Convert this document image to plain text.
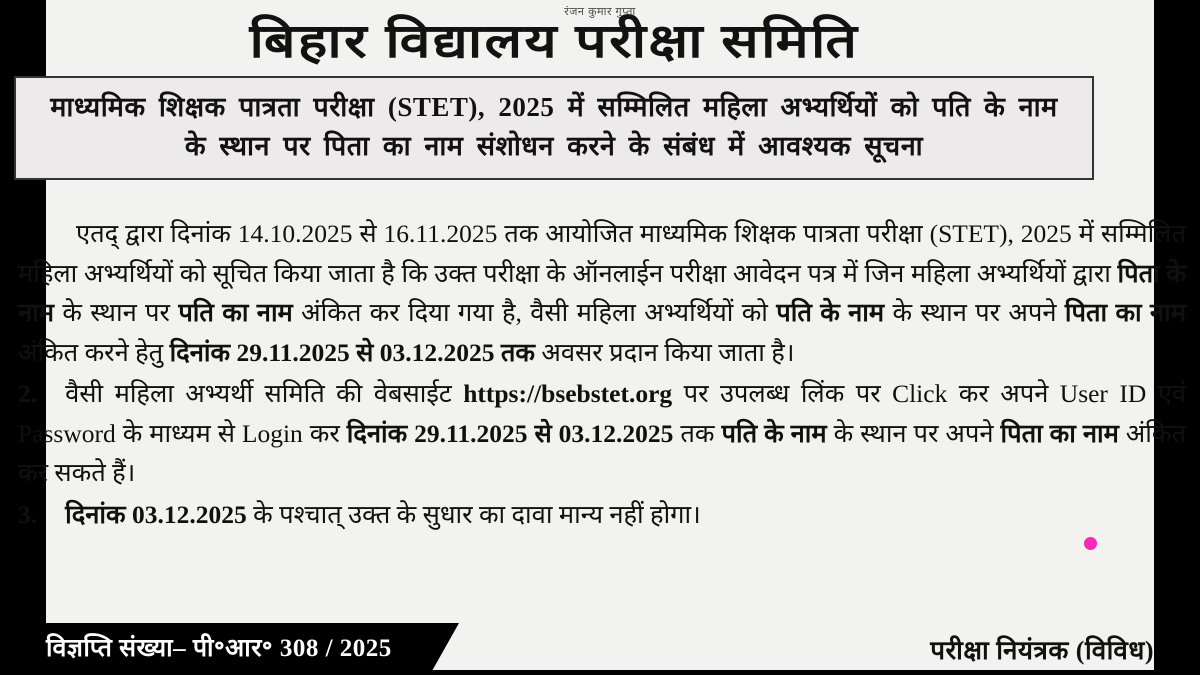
रंजन कुमार गुप्ता
बिहार विद्यालय परीक्षा समिति
माध्यमिक शिक्षक पात्रता परीक्षा (STET), 2025 में सम्मिलित महिला अभ्यर्थियों को पति के नाम के स्थान पर पिता का नाम संशोधन करने के संबंध में आवश्यक सूचना

एतद् द्वारा दिनांक 14.10.2025 से 16.11.2025 तक आयोजित माध्यमिक शिक्षक पात्रता परीक्षा (STET), 2025 में सम्मिलित महिला अभ्यर्थियों को सूचित किया जाता है कि उक्त परीक्षा के ऑनलाईन परीक्षा आवेदन पत्र में जिन महिला अभ्यर्थियों द्वारा पिता के नाम के स्थान पर पति का नाम अंकित कर दिया गया है, वैसी महिला अभ्यर्थियों को पति के नाम के स्थान पर अपने पिता का नाम अंकित करने हेतु दिनांक 29.11.2025 से 03.12.2025 तक अवसर प्रदान किया जाता है।

2. वैसी महिला अभ्यर्थी समिति की वेबसाईट https://bsebstet.org पर उपलब्ध लिंक पर Click कर अपने User ID एवं Password के माध्यम से Login कर दिनांक 29.11.2025 से 03.12.2025 तक पति के नाम के स्थान पर अपने पिता का नाम अंकित कर सकते हैं।

3. दिनांक 03.12.2025 के पश्चात् उक्त के सुधार का दावा मान्य नहीं होगा।

विज्ञप्ति संख्या– पी॰आर॰ 308 / 2025	परीक्षा नियंत्रक (विविध)
